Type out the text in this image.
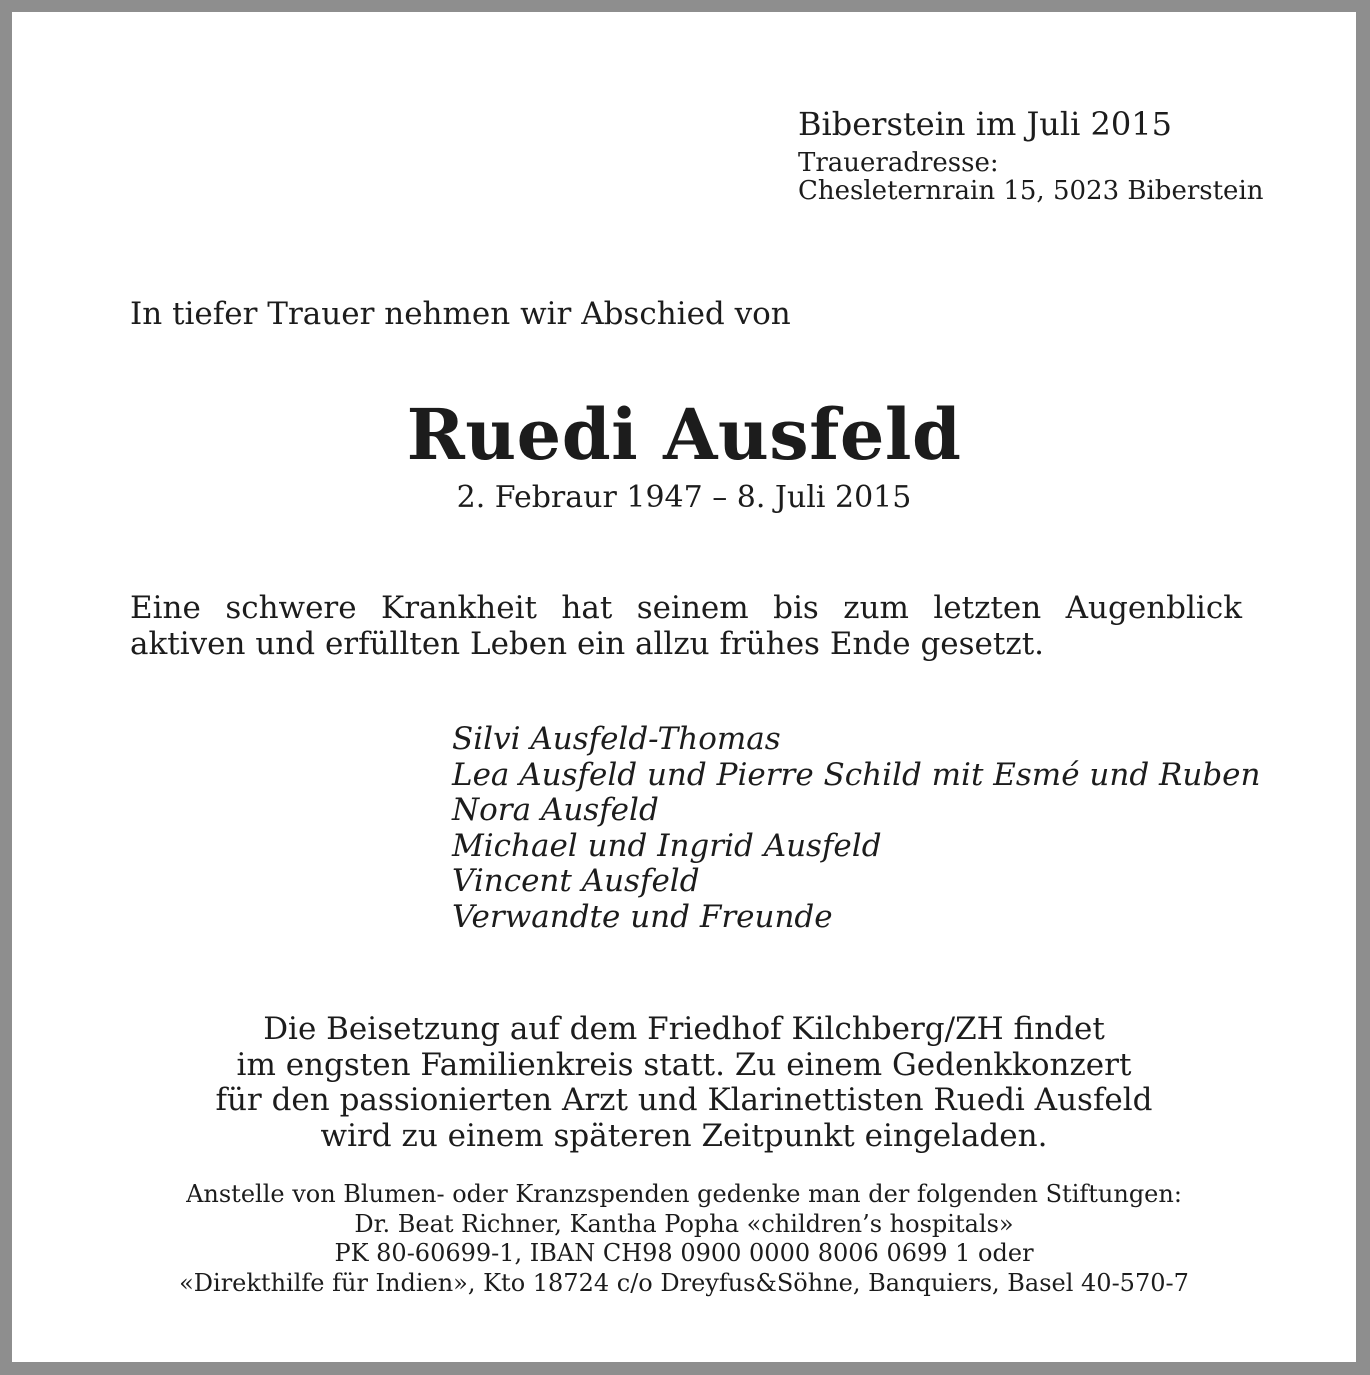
Biberstein im Juli 2015

Traueradresse:

Chesleternrain 15, 5023 Biberstein

In tiefer Trauer nehmen wir Abschied von

Ruedi Ausfeld

2. Febraur 1947 – 8. Juli 2015

Eine schwere Krankheit hat seinem bis zum letzten Augenblick

aktiven und erfüllten Leben ein allzu frühes Ende gesetzt.

Silvi Ausfeld-Thomas
Lea Ausfeld und Pierre Schild mit Esmé und Ruben
Nora Ausfeld
Michael und Ingrid Ausfeld
Vincent Ausfeld
Verwandte und Freunde
Die Beisetzung auf dem Friedhof Kilchberg/ZH findet
im engsten Familienkreis statt. Zu einem Gedenkkonzert
für den passionierten Arzt und Klarinettisten Ruedi Ausfeld
wird zu einem späteren Zeitpunkt eingeladen.
Anstelle von Blumen- oder Kranzspenden gedenke man der folgenden Stiftungen:
Dr. Beat Richner, Kantha Popha «children’s hospitals»
PK 80-60699-1, IBAN CH98 0900 0000 8006 0699 1 oder
«Direkthilfe für Indien», Kto 18724 c/o Dreyfus&Söhne, Banquiers, Basel 40-570-7
